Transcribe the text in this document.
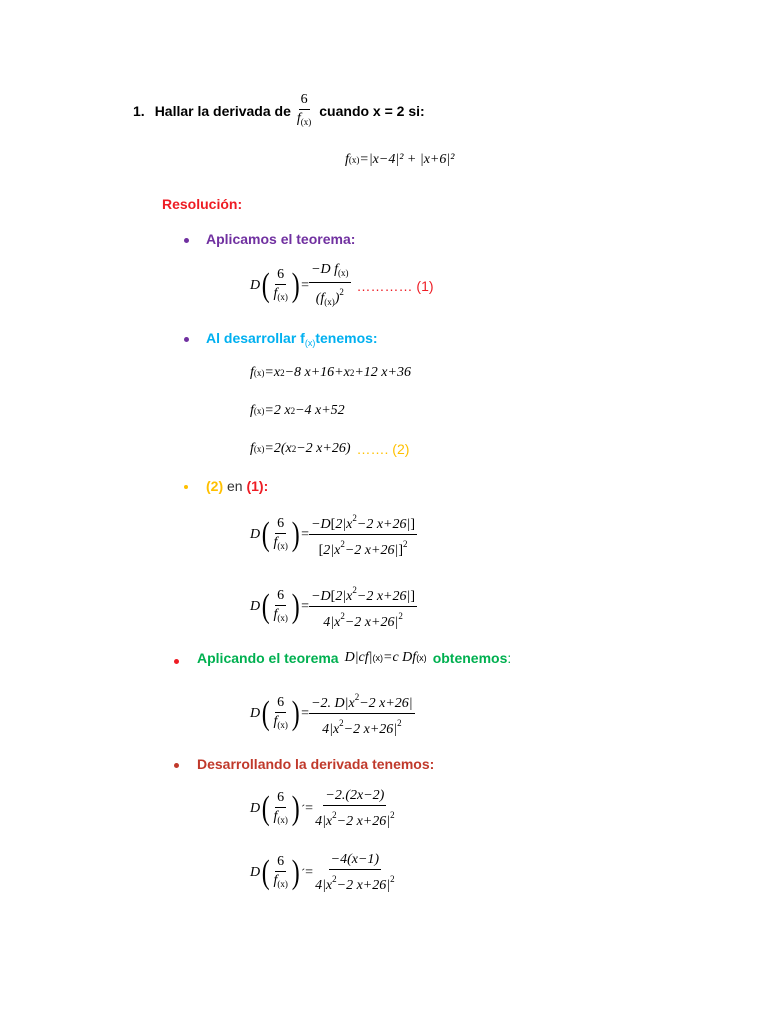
1. Hallar la derivada de $\frac{6}{f_{(x)}}$ cuando x = 2 si:
f (x) =|x−4|² + |x+6|²
Resolución:
Aplicamos el teorema:
D ( $\frac{6}{f_{(x)}}$ ) = $\frac{-D f_{(x)}}{(f_{(x)})^2}$ ………… (1)
Al desarrollar $f_{(x)}tenemos$:
f (x) =x 2 −8 x+16+x 2 +12 x+36
f (x) =2 x 2 −4 x+52
f (x) =2(x 2 −2 x+26) ……. (2)
(2) en (1):
D ( $\frac{6}{f_{(x)}}$ ) = $\frac{-D[2|x^2-2 x+26|]}{[2|x^2-2 x+26|]^2}$
D ( $\frac{6}{f_{(x)}}$ ) = $\frac{-D[2|x^2-2 x+26|]}{4|x^2-2 x+26|^2}$
Aplicando el teorema D|cf| (x) =c Df (x) obtenemos :
D ( $\frac{6}{f_{(x)}}$ ) = $\frac{-2. D|x^2-2 x+26|}{4|x^2-2 x+26|^2}$
Desarrollando la derivada tenemos:
D ( $\frac{6}{f_{(x)}}$ ) ´ = $\frac{-2.(2x-2)}{4|x^2-2 x+26|^2}$
D ( $\frac{6}{f_{(x)}}$ ) ´ = $\frac{-4(x-1)}{4|x^2-2 x+26|^2}$
